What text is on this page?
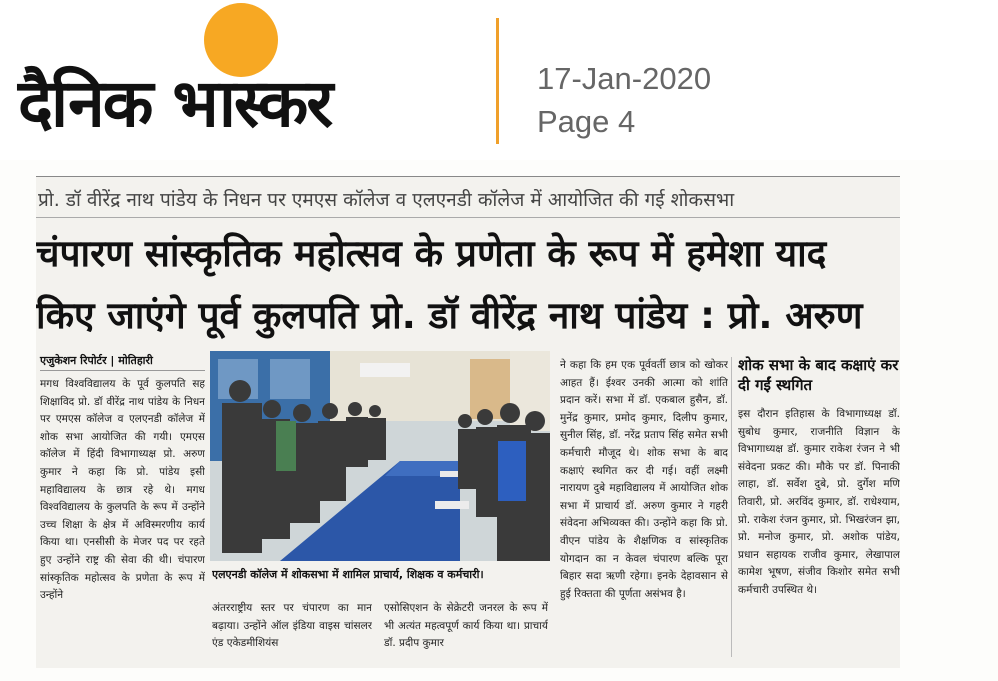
दैनिक भास्कर	17-Jan-2020
Page 4
प्रो. डॉ वीरेंद्र नाथ पांडेय के निधन पर एमएस कॉलेज व एलएनडी कॉलेज में आयोजित की गई शोकसभा
चंपारण सांस्कृतिक महोत्सव के प्रणेता के रूप में हमेशा याद
किए जाएंगे पूर्व कुलपति प्रो. डॉ वीरेंद्र नाथ पांडेय : प्रो. अरुण
एजुकेशन रिपोर्टर | मोतिहारी
मगध विश्वविद्यालय के पूर्व कुलपति सह शिक्षाविद प्रो. डॉ वीरेंद्र नाथ पांडेय के निधन पर एमएस कॉलेज व एलएनडी कॉलेज में शोक सभा आयोजित की गयी। एमएस कॉलेज में हिंदी विभागाध्यक्ष प्रो. अरुण कुमार ने कहा कि प्रो. पांडेय इसी महाविद्यालय के छात्र रहे थे। मगध विश्वविद्यालय के कुलपति के रूप में उन्होंने उच्च शिक्षा के क्षेत्र में अविस्मरणीय कार्य किया था। एनसीसी के मेजर पद पर रहते हुए उन्होंने राष्ट्र की सेवा की थी। चंपारण सांस्कृतिक महोत्सव के प्रणेता के रूप में उन्होंने
एलएनडी कॉलेज में शोकसभा में शामिल प्राचार्य, शिक्षक व कर्मचारी।
अंतरराष्ट्रीय स्तर पर चंपारण का मान बढ़ाया। उन्होंने ऑल इंडिया वाइस चांसलर एंड एकेडमीशियंस
एसोसिएशन के सेक्रेटरी जनरल के रूप में भी अत्यंत महत्वपूर्ण कार्य किया था। प्राचार्य डॉ. प्रदीप कुमार
ने कहा कि हम एक पूर्ववर्ती छात्र को खोकर आहत हैं। ईश्वर उनकी आत्मा को शांति प्रदान करें। सभा में डॉ. एकबाल हुसैन, डॉ. मुनेंद्र कुमार, प्रमोद कुमार, दिलीप कुमार, सुनील सिंह, डॉ. नरेंद्र प्रताप सिंह समेत सभी कर्मचारी मौजूद थे। शोक सभा के बाद कक्षाएं स्थगित कर दी गई। वहीं लक्ष्मी नारायण दुबे महाविद्यालय में आयोजित शोक सभा में प्राचार्य डॉ. अरुण कुमार ने गहरी संवेदना अभिव्यक्त की। उन्होंने कहा कि प्रो. वीएन पांडेय के शैक्षणिक व सांस्कृतिक योगदान का न केवल चंपारण बल्कि पूरा बिहार सदा ऋणी रहेगा। इनके देहावसान से हुई रिक्तता की पूर्णता असंभव है।
शोक सभा के बाद कक्षाएं कर दी गईं स्थगित
इस दौरान इतिहास के विभागाध्यक्ष डॉ. सुबोध कुमार, राजनीति विज्ञान के विभागाध्यक्ष डॉ. कुमार राकेश रंजन ने भी संवेदना प्रकट की। मौके पर डॉ. पिनाकी लाहा, डॉ. सर्वेश दुबे, प्रो. दुर्गेश मणि तिवारी, प्रो. अरविंद कुमार, डॉ. राधेश्याम, प्रो. राकेश रंजन कुमार, प्रो. भिखरंजन झा, प्रो. मनोज कुमार, प्रो. अशोक पांडेय, प्रधान सहायक राजीव कुमार, लेखापाल कामेश भूषण, संजीव किशोर समेत सभी कर्मचारी उपस्थित थे।
